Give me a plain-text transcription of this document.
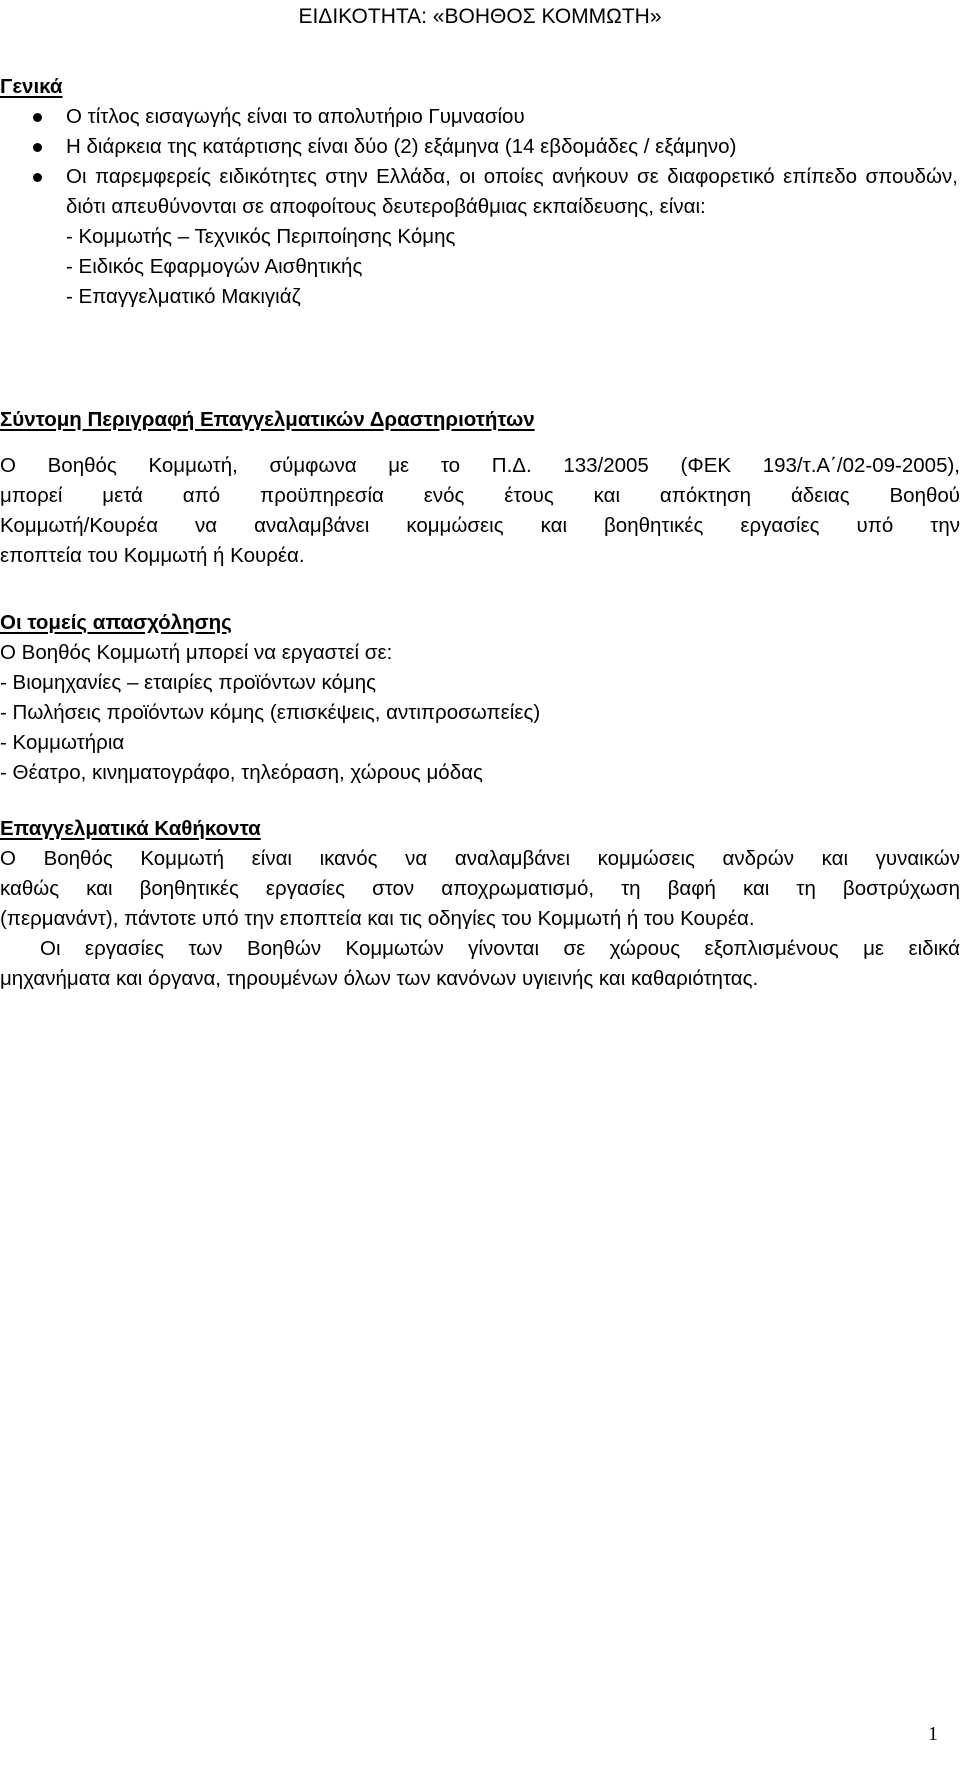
ΕΙΔΙΚΟΤΗΤΑ: «ΒΟΗΘΟΣ ΚΟΜΜΩΤΗ»
Γενικά
Ο τίτλος εισαγωγής είναι το απολυτήριο Γυμνασίου
Η διάρκεια της κατάρτισης είναι δύο (2) εξάμηνα (14 εβδομάδες / εξάμηνο)
Οι παρεμφερείς ειδικότητες στην Ελλάδα, οι οποίες ανήκουν σε διαφορετικό επίπεδο σπουδών, διότι απευθύνονται σε αποφοίτους δευτεροβάθμιας εκπαίδευσης, είναι:
- Κομμωτής – Τεχνικός Περιποίησης Κόμης
- Ειδικός Εφαρμογών Αισθητικής
- Επαγγελματικό Μακιγιάζ
Σύντομη Περιγραφή Επαγγελματικών Δραστηριοτήτων
Ο Βοηθός Κομμωτή, σύμφωνα με το Π.Δ. 133/2005 (ΦΕΚ 193/τ.Α΄/02-09-2005),
μπορεί μετά από προϋπηρεσία ενός έτους και απόκτηση άδειας Βοηθού
Κομμωτή/Κουρέα να αναλαμβάνει κομμώσεις και βοηθητικές εργασίες υπό την
εποπτεία του Κομμωτή ή Κουρέα.
Οι τομείς απασχόλησης
Ο Βοηθός Κομμωτή μπορεί να εργαστεί σε:
- Βιομηχανίες – εταιρίες προϊόντων κόμης
- Πωλήσεις προϊόντων κόμης (επισκέψεις, αντιπροσωπείες)
- Κομμωτήρια
- Θέατρο, κινηματογράφο, τηλεόραση, χώρους μόδας
Επαγγελματικά Καθήκοντα
Ο Βοηθός Κομμωτή είναι ικανός να αναλαμβάνει κομμώσεις ανδρών και γυναικών
καθώς και βοηθητικές εργασίες στον αποχρωματισμό, τη βαφή και τη βοστρύχωση
(περμανάντ), πάντοτε υπό την εποπτεία και τις οδηγίες του Κομμωτή ή του Κουρέα.
Οι εργασίες των Βοηθών Κομμωτών γίνονται σε χώρους εξοπλισμένους με ειδικά
μηχανήματα και όργανα, τηρουμένων όλων των κανόνων υγιεινής και καθαριότητας.
1
